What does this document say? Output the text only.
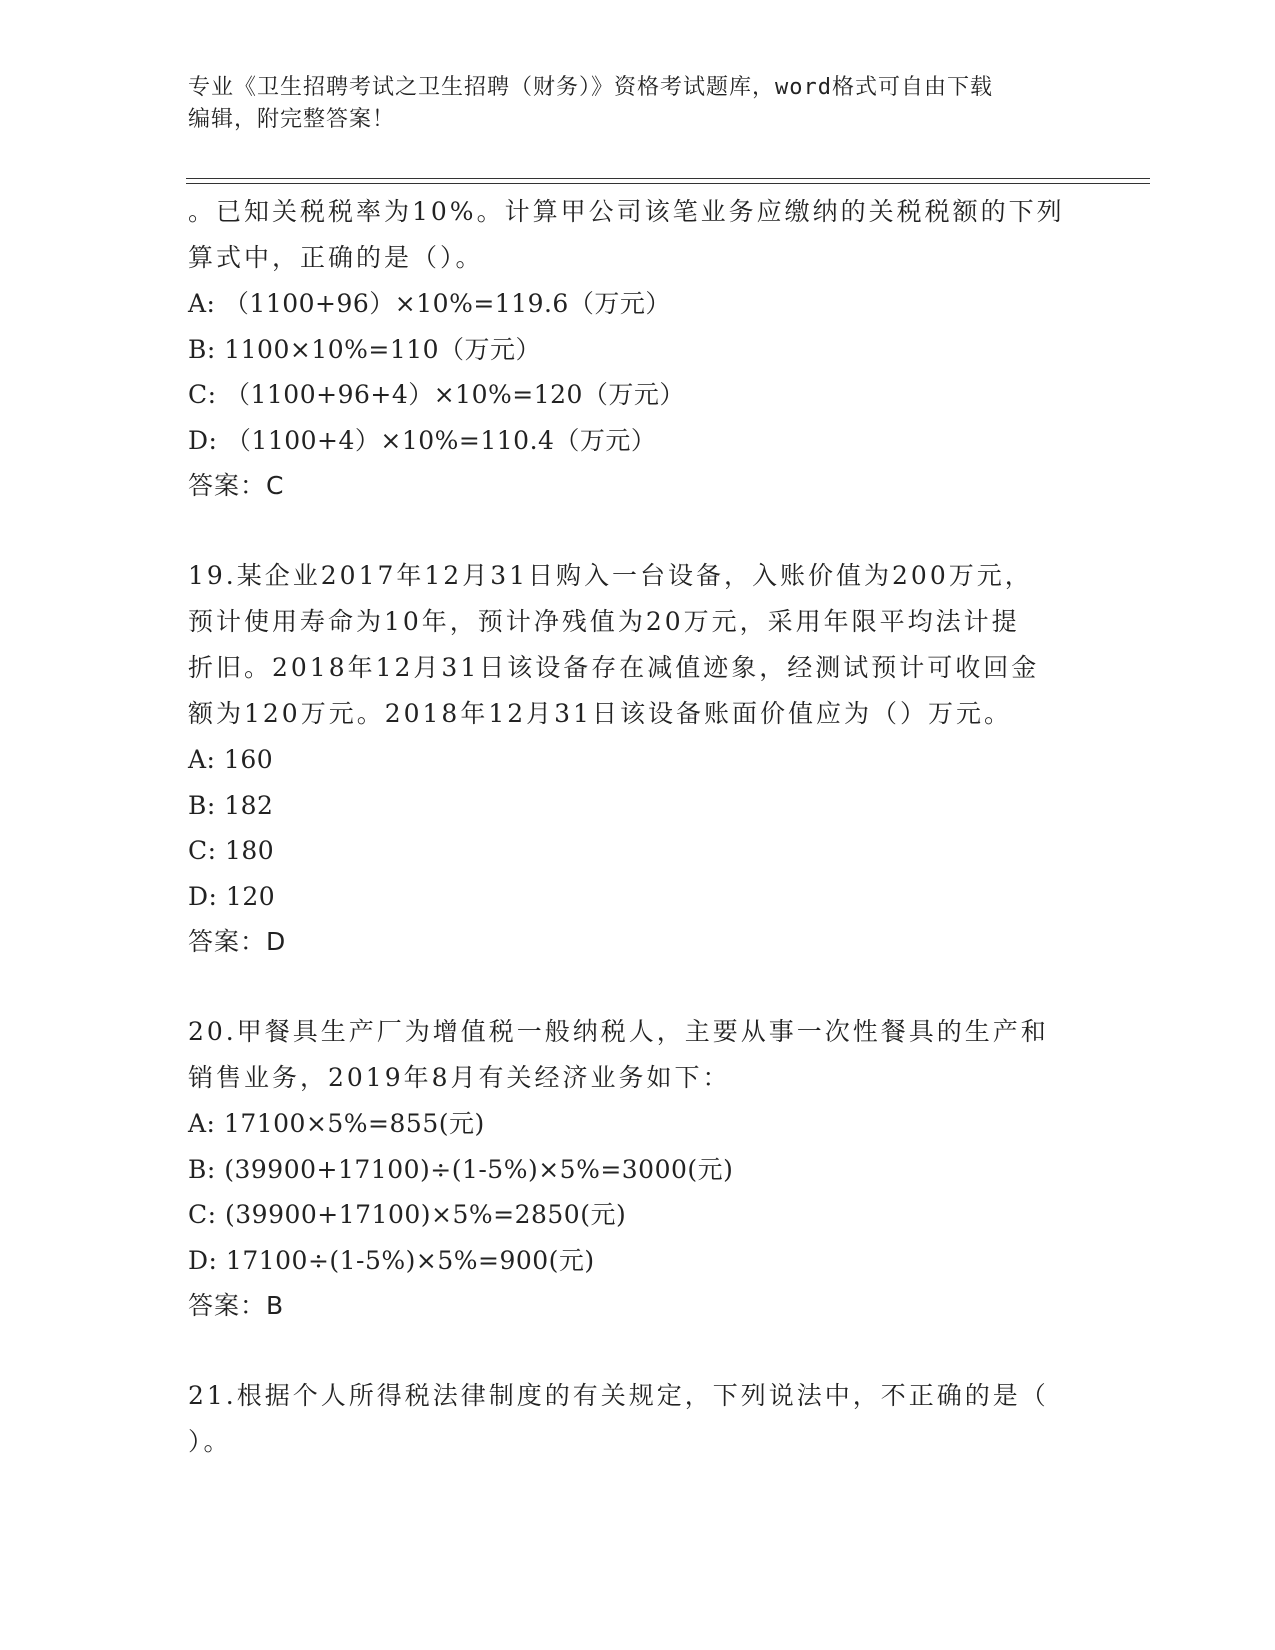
专业《卫生招聘考试之卫生招聘（财务）》资格考试题库，word格式可自由下载
编辑，附完整答案！
。已知关税税率为10%。计算甲公司该笔业务应缴纳的关税税额的下列
算式中，正确的是（）。
A: （1100+96）×10%=119.6（万元）
B: 1100×10%=110（万元）
C: （1100+96+4）×10%=120（万元）
D: （1100+4）×10%=110.4（万元）
答案：C
19.某企业2017年12月31日购入一台设备，入账价值为200万元，
预计使用寿命为10年，预计净残值为20万元，采用年限平均法计提
折旧。2018年12月31日该设备存在减值迹象，经测试预计可收回金
额为120万元。2018年12月31日该设备账面价值应为（）万元。
A: 160
B: 182
C: 180
D: 120
答案：D
20.甲餐具生产厂为增值税一般纳税人，主要从事一次性餐具的生产和
销售业务，2019年8月有关经济业务如下：
A: 17100×5%=855(元)
B: (39900+17100)÷(1-5%)×5%=3000(元)
C: (39900+17100)×5%=2850(元)
D: 17100÷(1-5%)×5%=900(元)
答案：B
21.根据个人所得税法律制度的有关规定，下列说法中，不正确的是（
）。
